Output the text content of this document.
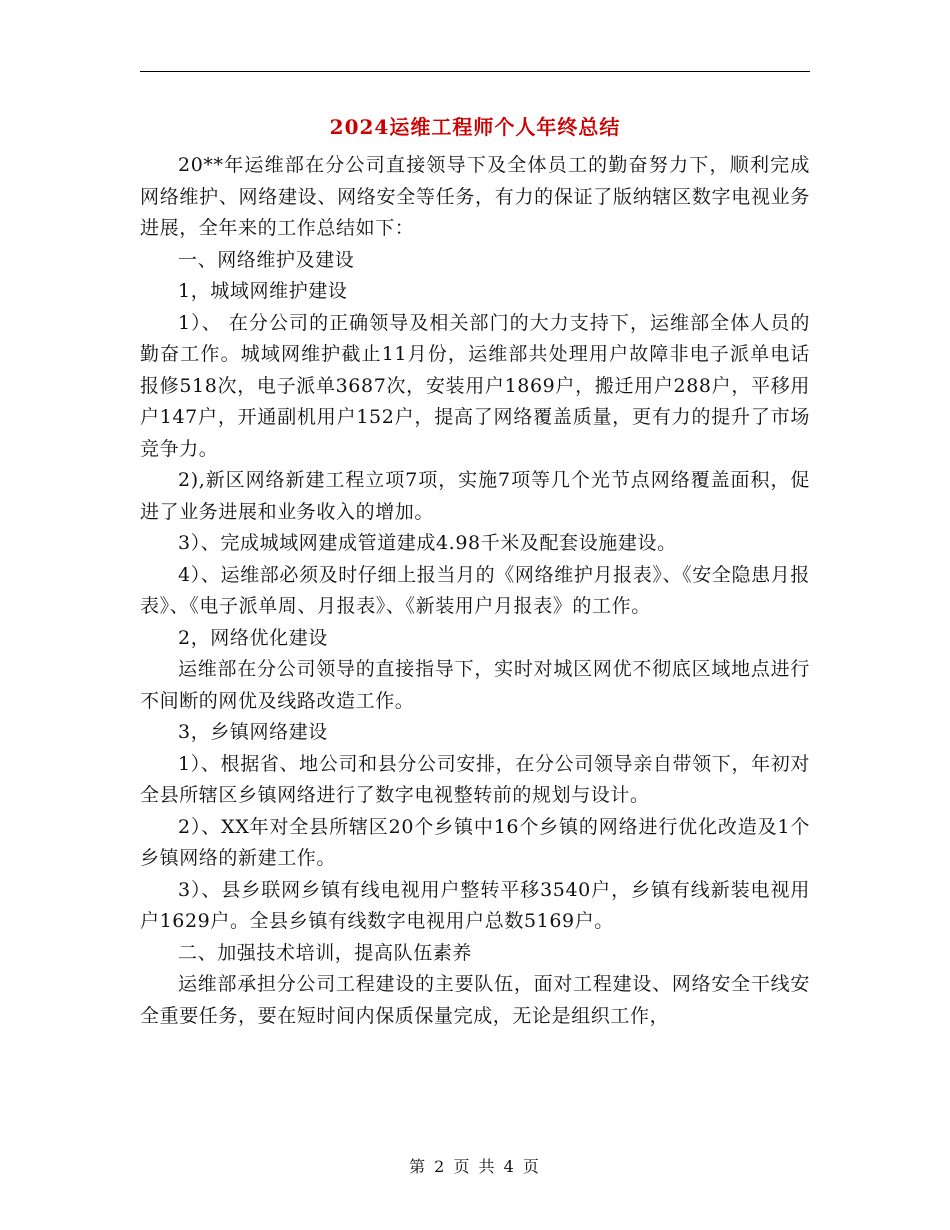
2024运维工程师个人年终总结

20**年运维部在分公司直接领导下及全体员工的勤奋努力下，顺利完成网络维护、网络建设、网络安全等任务，有力的保证了版纳辖区数字电视业务进展，全年来的工作总结如下：

一、网络维护及建设

1，城域网维护建设

1）、 在分公司的正确领导及相关部门的大力支持下，运维部全体人员的勤奋工作。城域网维护截止11月份，运维部共处理用户故障非电子派单电话报修518次，电子派单3687次，安装用户1869户，搬迁用户288户，平移用户147户，开通副机用户152户，提高了网络覆盖质量，更有力的提升了市场竞争力。

2),新区网络新建工程立项7项，实施7项等几个光节点网络覆盖面积，促进了业务进展和业务收入的增加。

3）、完成城域网建成管道建成4.98千米及配套设施建设。

4）、运维部必须及时仔细上报当月的《网络维护月报表》、《安全隐患月报表》、《电子派单周、月报表》、《新装用户月报表》的工作。

2，网络优化建设

运维部在分公司领导的直接指导下，实时对城区网优不彻底区域地点进行不间断的网优及线路改造工作。

3，乡镇网络建设

1）、根据省、地公司和县分公司安排，在分公司领导亲自带领下，年初对全县所辖区乡镇网络进行了数字电视整转前的规划与设计。

2）、XX年对全县所辖区20个乡镇中16个乡镇的网络进行优化改造及1个乡镇网络的新建工作。

3）、县乡联网乡镇有线电视用户整转平移3540户，乡镇有线新装电视用户1629户。全县乡镇有线数字电视用户总数5169户。

二、加强技术培训，提高队伍素养

运维部承担分公司工程建设的主要队伍，面对工程建设、网络安全干线安全重要任务，要在短时间内保质保量完成，无论是组织工作，

第 2 页 共 4 页
